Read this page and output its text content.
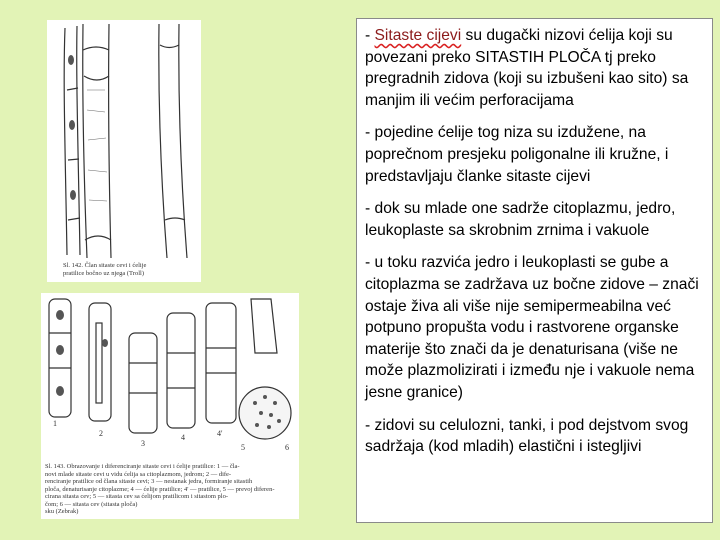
Sl. 142. Član sitaste cevi i ćelije
pratilice bočno uz njega (Troll)
1
2
3
4	4'
5	6
Sl. 143. Obrazovanje i diferenciranje sitaste cevi i ćelije pratilice: 1 — čla-
novi mlade sitaste cevi u vidu ćelija sa citoplazmom, jedrom; 2 — dife-
renciranje pratilice od člana sitaste cevi; 3 — nestanak jedra, formiranje sitastih
ploča, denaturisanje citoplazme; 4 — ćelije pratilice; 4' — pratilice, 5 — prevoj diferen-
cirana sitasta cev; 5 — sitasta cev sa ćelijom pratilicom i sitastom plo-
čom; 6 — sitasta cev (sitasta ploča)
sku (Zebrak)

- Sitaste cijevi su dugački nizovi ćelija koji su povezani preko SITASTIH PLOČA tj preko pregradnih zidova (koji su izbušeni kao sito) sa manjim ili većim perforacijama

- pojedine ćelije tog niza su izdužene, na poprečnom presjeku poligonalne ili kružne, i predstavljaju članke sitaste cijevi

- dok su mlade one sadrže citoplazmu, jedro, leukoplaste sa skrobnim zrnima i vakuole

- u toku razvića jedro i leukoplasti se gube a citoplazma se zadržava uz bočne zidove – znači ostaje živa ali više nije semipermeabilna već potpuno propušta vodu i rastvorene organske materije što znači da je denaturisana (više ne može plazmolizirati i između nje i vakuole nema jesne granice)

- zidovi su celulozni, tanki, i pod dejstvom svog sadržaja (kod mladih) elastični i istegljivi
